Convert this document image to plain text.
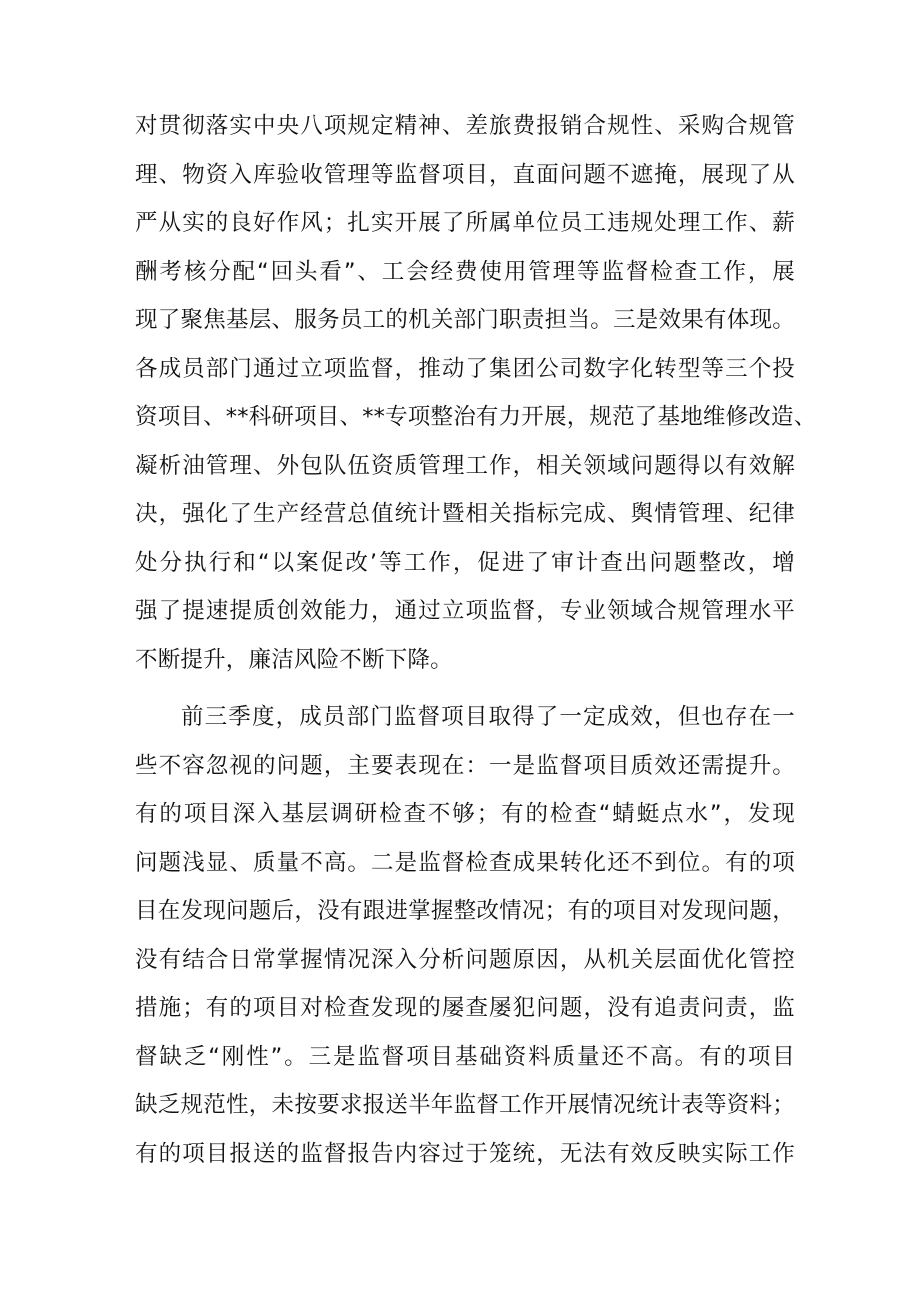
对贯彻落实中央八项规定精神、差旅费报销合规性、采购合规管
理、物资入库验收管理等监督项目，直面问题不遮掩，展现了从
严从实的良好作风；扎实开展了所属单位员工违规处理工作、薪
酬考核分配“回头看”、工会经费使用管理等监督检查工作，展
现了聚焦基层、服务员工的机关部门职责担当。三是效果有体现。
各成员部门通过立项监督，推动了集团公司数字化转型等三个投
资项目、**科研项目、**专项整治有力开展，规范了基地维修改造、
凝析油管理、外包队伍资质管理工作，相关领域问题得以有效解
决，强化了生产经营总值统计暨相关指标完成、舆情管理、纪律
处分执行和“以案促改’等工作，促进了审计查出问题整改，增
强了提速提质创效能力，通过立项监督，专业领域合规管理水平
不断提升，廉洁风险不断下降。
前三季度，成员部门监督项目取得了一定成效，但也存在一
些不容忽视的问题，主要表现在：一是监督项目质效还需提升。
有的项目深入基层调研检查不够；有的检查“蜻蜓点水”，发现
问题浅显、质量不高。二是监督检查成果转化还不到位。有的项
目在发现问题后，没有跟进掌握整改情况；有的项目对发现问题，
没有结合日常掌握情况深入分析问题原因，从机关层面优化管控
措施；有的项目对检查发现的屡查屡犯问题，没有追责问责，监
督缺乏“刚性”。三是监督项目基础资料质量还不高。有的项目
缺乏规范性，未按要求报送半年监督工作开展情况统计表等资料；
有的项目报送的监督报告内容过于笼统，无法有效反映实际工作
